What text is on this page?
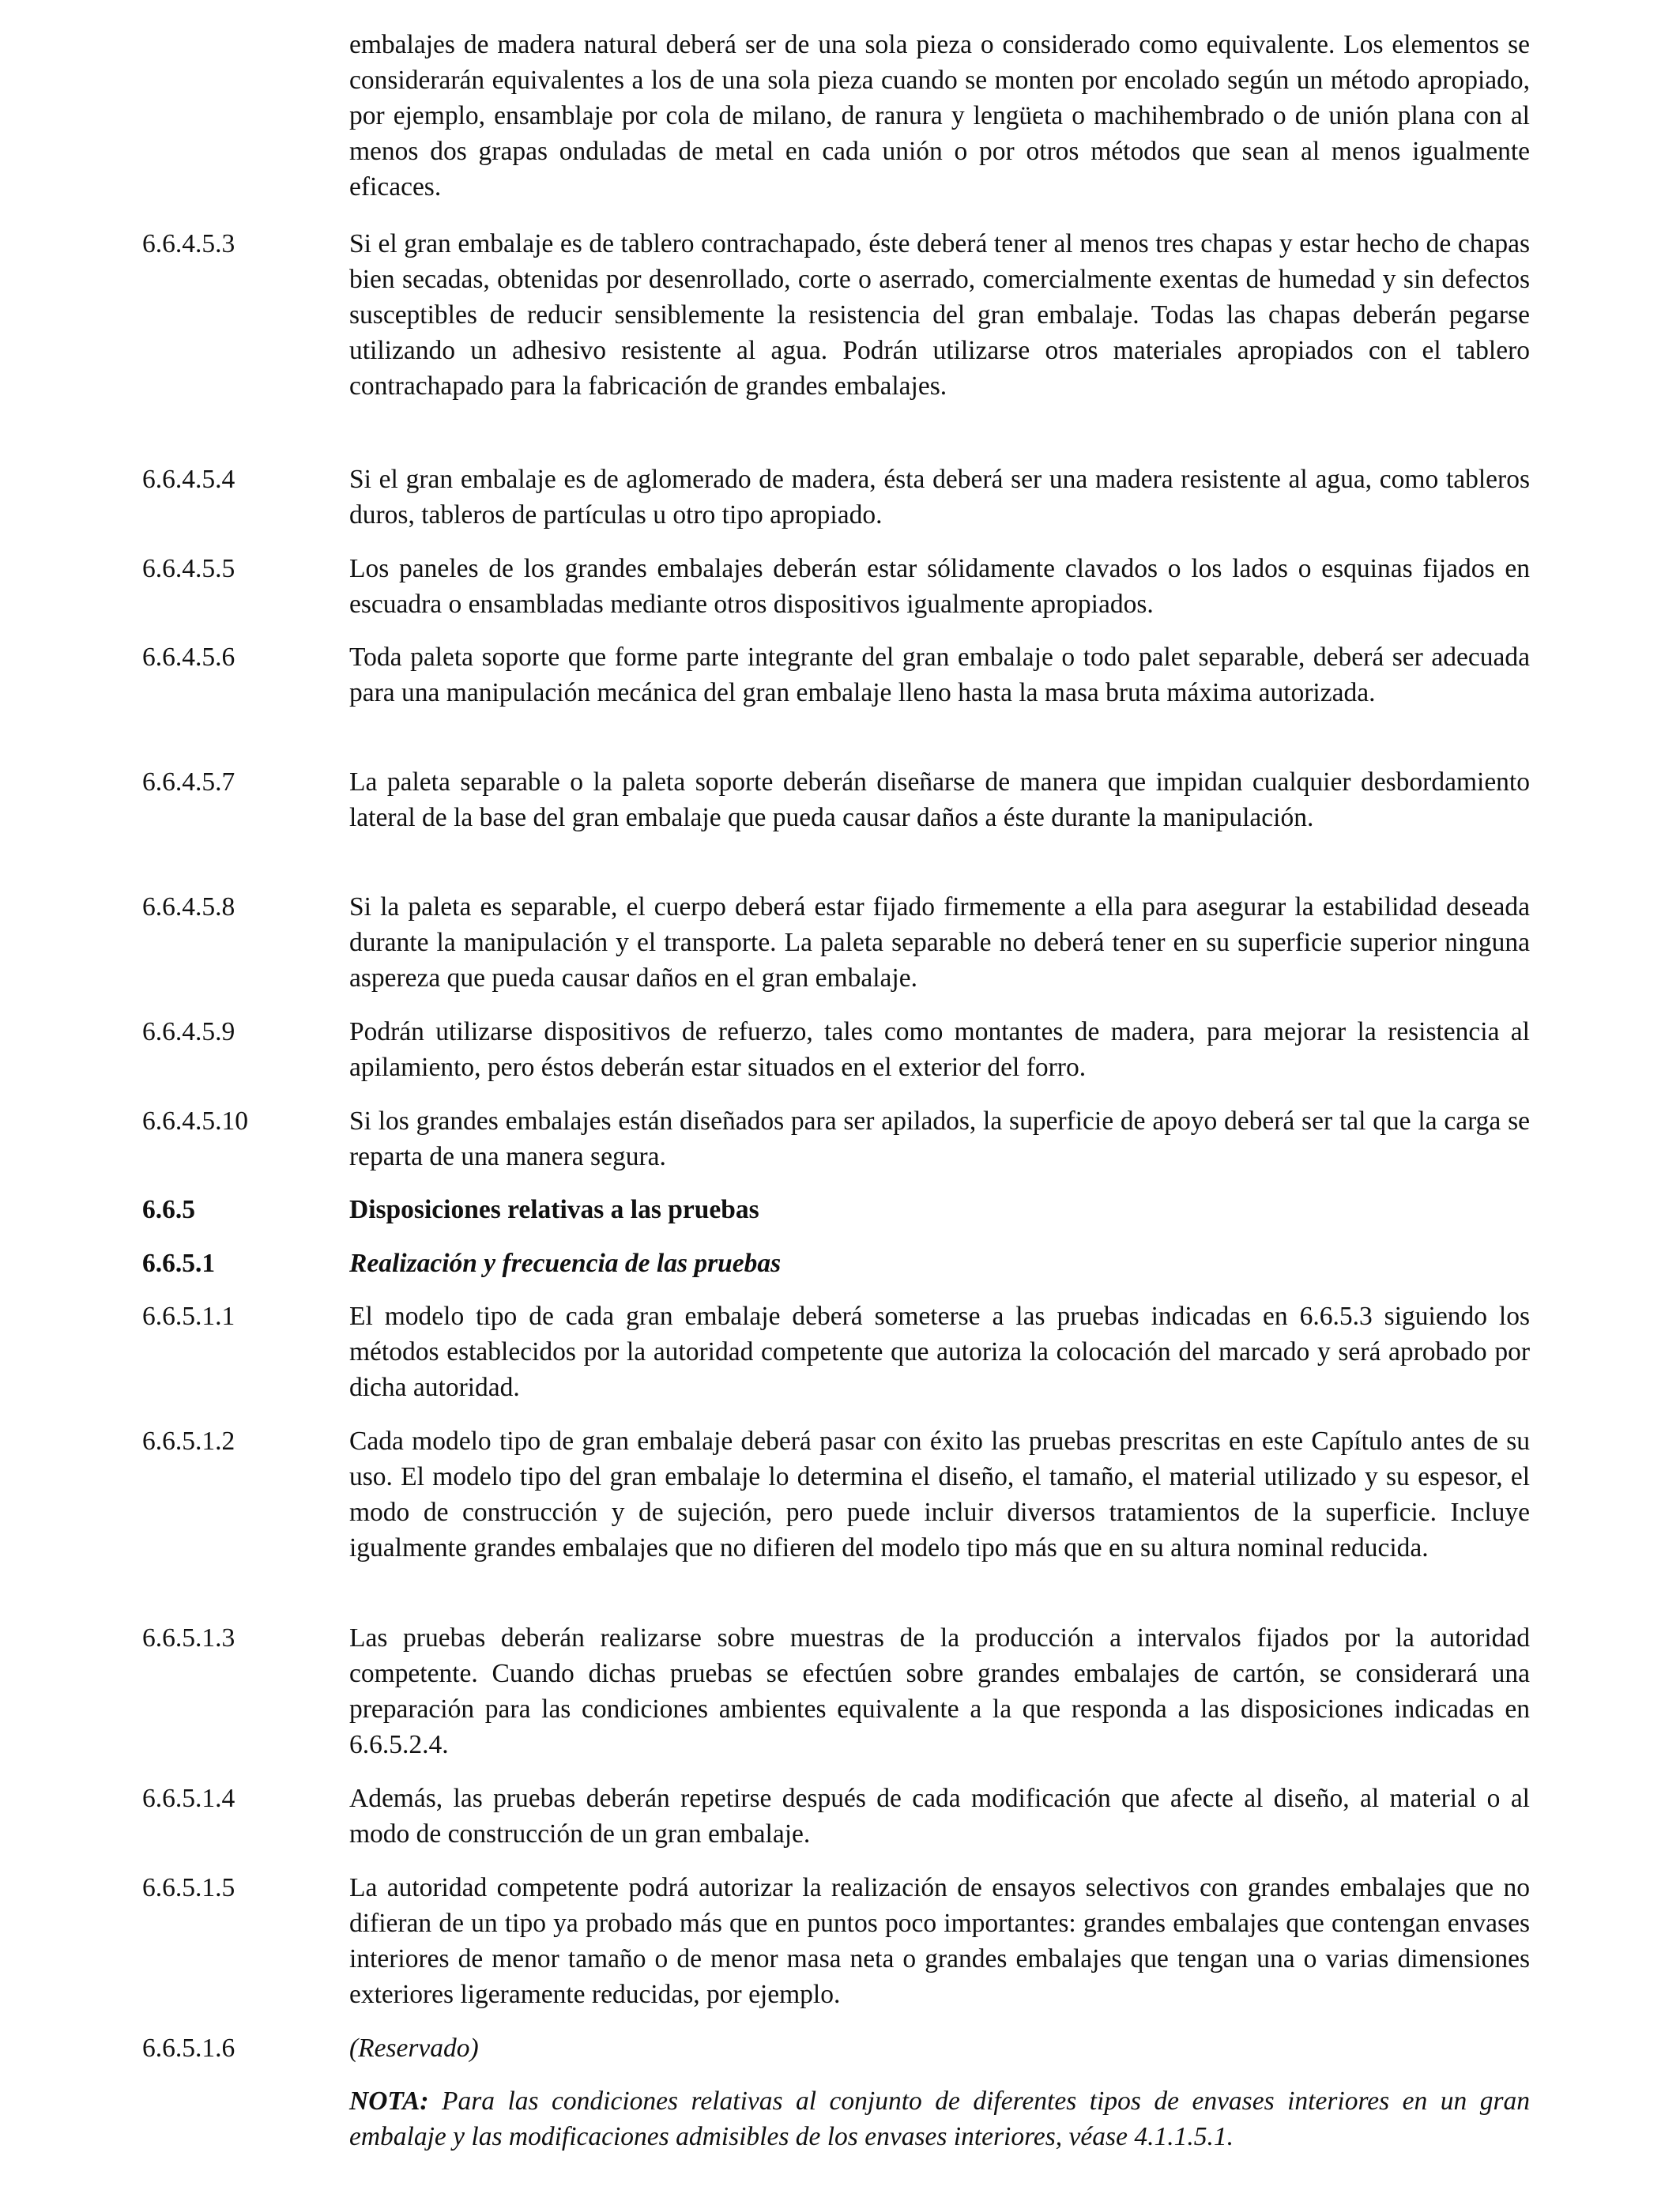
embalajes de madera natural deberá ser de una sola pieza o considerado como equivalente. Los elementos se considerarán equivalentes a los de una sola pieza cuando se monten por encolado según un método apropiado, por ejemplo, ensamblaje por cola de milano, de ranura y lengüeta o machihembrado o de unión plana con al menos dos grapas onduladas de metal en cada unión o por otros métodos que sean al menos igualmente eficaces.
6.6.4.5.3	Si el gran embalaje es de tablero contrachapado, éste deberá tener al menos tres chapas y estar hecho de chapas bien secadas, obtenidas por desenrollado, corte o aserrado, comercialmente exentas de humedad y sin defectos susceptibles de reducir sensiblemente la resistencia del gran embalaje. Todas las chapas deberán pegarse utilizando un adhesivo resistente al agua. Podrán utilizarse otros materiales apropiados con el tablero contrachapado para la fabricación de grandes embalajes.
6.6.4.5.4	Si el gran embalaje es de aglomerado de madera, ésta deberá ser una madera resistente al agua, como tableros duros, tableros de partículas u otro tipo apropiado.
6.6.4.5.5	Los paneles de los grandes embalajes deberán estar sólidamente clavados o los lados o esquinas fijados en escuadra o ensambladas mediante otros dispositivos igualmente apropiados.
6.6.4.5.6	Toda paleta soporte que forme parte integrante del gran embalaje o todo palet separable, deberá ser adecuada para una manipulación mecánica del gran embalaje lleno hasta la masa bruta máxima autorizada.
6.6.4.5.7	La paleta separable o la paleta soporte deberán diseñarse de manera que impidan cualquier desbordamiento lateral de la base del gran embalaje que pueda causar daños a éste durante la manipulación.
6.6.4.5.8	Si la paleta es separable, el cuerpo deberá estar fijado firmemente a ella para asegurar la estabilidad deseada durante la manipulación y el transporte. La paleta separable no deberá tener en su superficie superior ninguna aspereza que pueda causar daños en el gran embalaje.
6.6.4.5.9	Podrán utilizarse dispositivos de refuerzo, tales como montantes de madera, para mejorar la resistencia al apilamiento, pero éstos deberán estar situados en el exterior del forro.
6.6.4.5.10	Si los grandes embalajes están diseñados para ser apilados, la superficie de apoyo deberá ser tal que la carga se reparta de una manera segura.
6.6.5	Disposiciones relativas a las pruebas
6.6.5.1	Realización y frecuencia de las pruebas
6.6.5.1.1	El modelo tipo de cada gran embalaje deberá someterse a las pruebas indicadas en 6.6.5.3 siguiendo los métodos establecidos por la autoridad competente que autoriza la colocación del marcado y será aprobado por dicha autoridad.
6.6.5.1.2	Cada modelo tipo de gran embalaje deberá pasar con éxito las pruebas prescritas en este Capítulo antes de su uso. El modelo tipo del gran embalaje lo determina el diseño, el tamaño, el material utilizado y su espesor, el modo de construcción y de sujeción, pero puede incluir diversos tratamientos de la superficie. Incluye igualmente grandes embalajes que no difieren del modelo tipo más que en su altura nominal reducida.
6.6.5.1.3	Las pruebas deberán realizarse sobre muestras de la producción a intervalos fijados por la autoridad competente. Cuando dichas pruebas se efectúen sobre grandes embalajes de cartón, se considerará una preparación para las condiciones ambientes equivalente a la que responda a las disposiciones indicadas en 6.6.5.2.4.
6.6.5.1.4	Además, las pruebas deberán repetirse después de cada modificación que afecte al diseño, al material o al modo de construcción de un gran embalaje.
6.6.5.1.5	La autoridad competente podrá autorizar la realización de ensayos selectivos con grandes embalajes que no difieran de un tipo ya probado más que en puntos poco importantes: grandes embalajes que contengan envases interiores de menor tamaño o de menor masa neta o grandes embalajes que tengan una o varias dimensiones exteriores ligeramente reducidas, por ejemplo.
6.6.5.1.6	(Reservado)
NOTA: Para las condiciones relativas al conjunto de diferentes tipos de envases interiores en un gran embalaje y las modificaciones admisibles de los envases interiores, véase 4.1.1.5.1.
